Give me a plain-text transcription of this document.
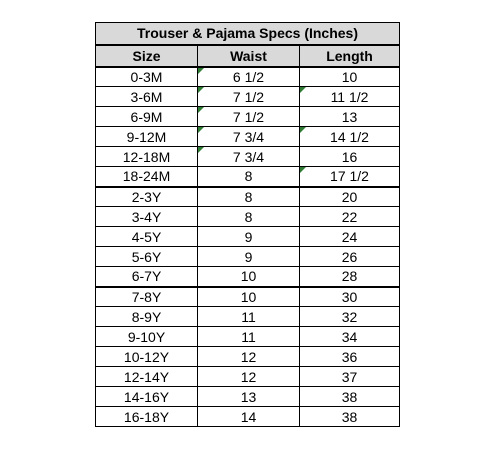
Trouser & Pajama Specs (Inches)		
Size	Waist	Length
0-3M	6 1/2	10
3-6M	7 1/2	11 1/2
6-9M	7 1/2	13
9-12M	7 3/4	14 1/2
12-18M	7 3/4	16
18-24M	8	17 1/2
2-3Y	8	20
3-4Y	8	22
4-5Y	9	24
5-6Y	9	26
6-7Y	10	28
7-8Y	10	30
8-9Y	11	32
9-10Y	11	34
10-12Y	12	36
12-14Y	12	37
14-16Y	13	38
16-18Y	14	38
